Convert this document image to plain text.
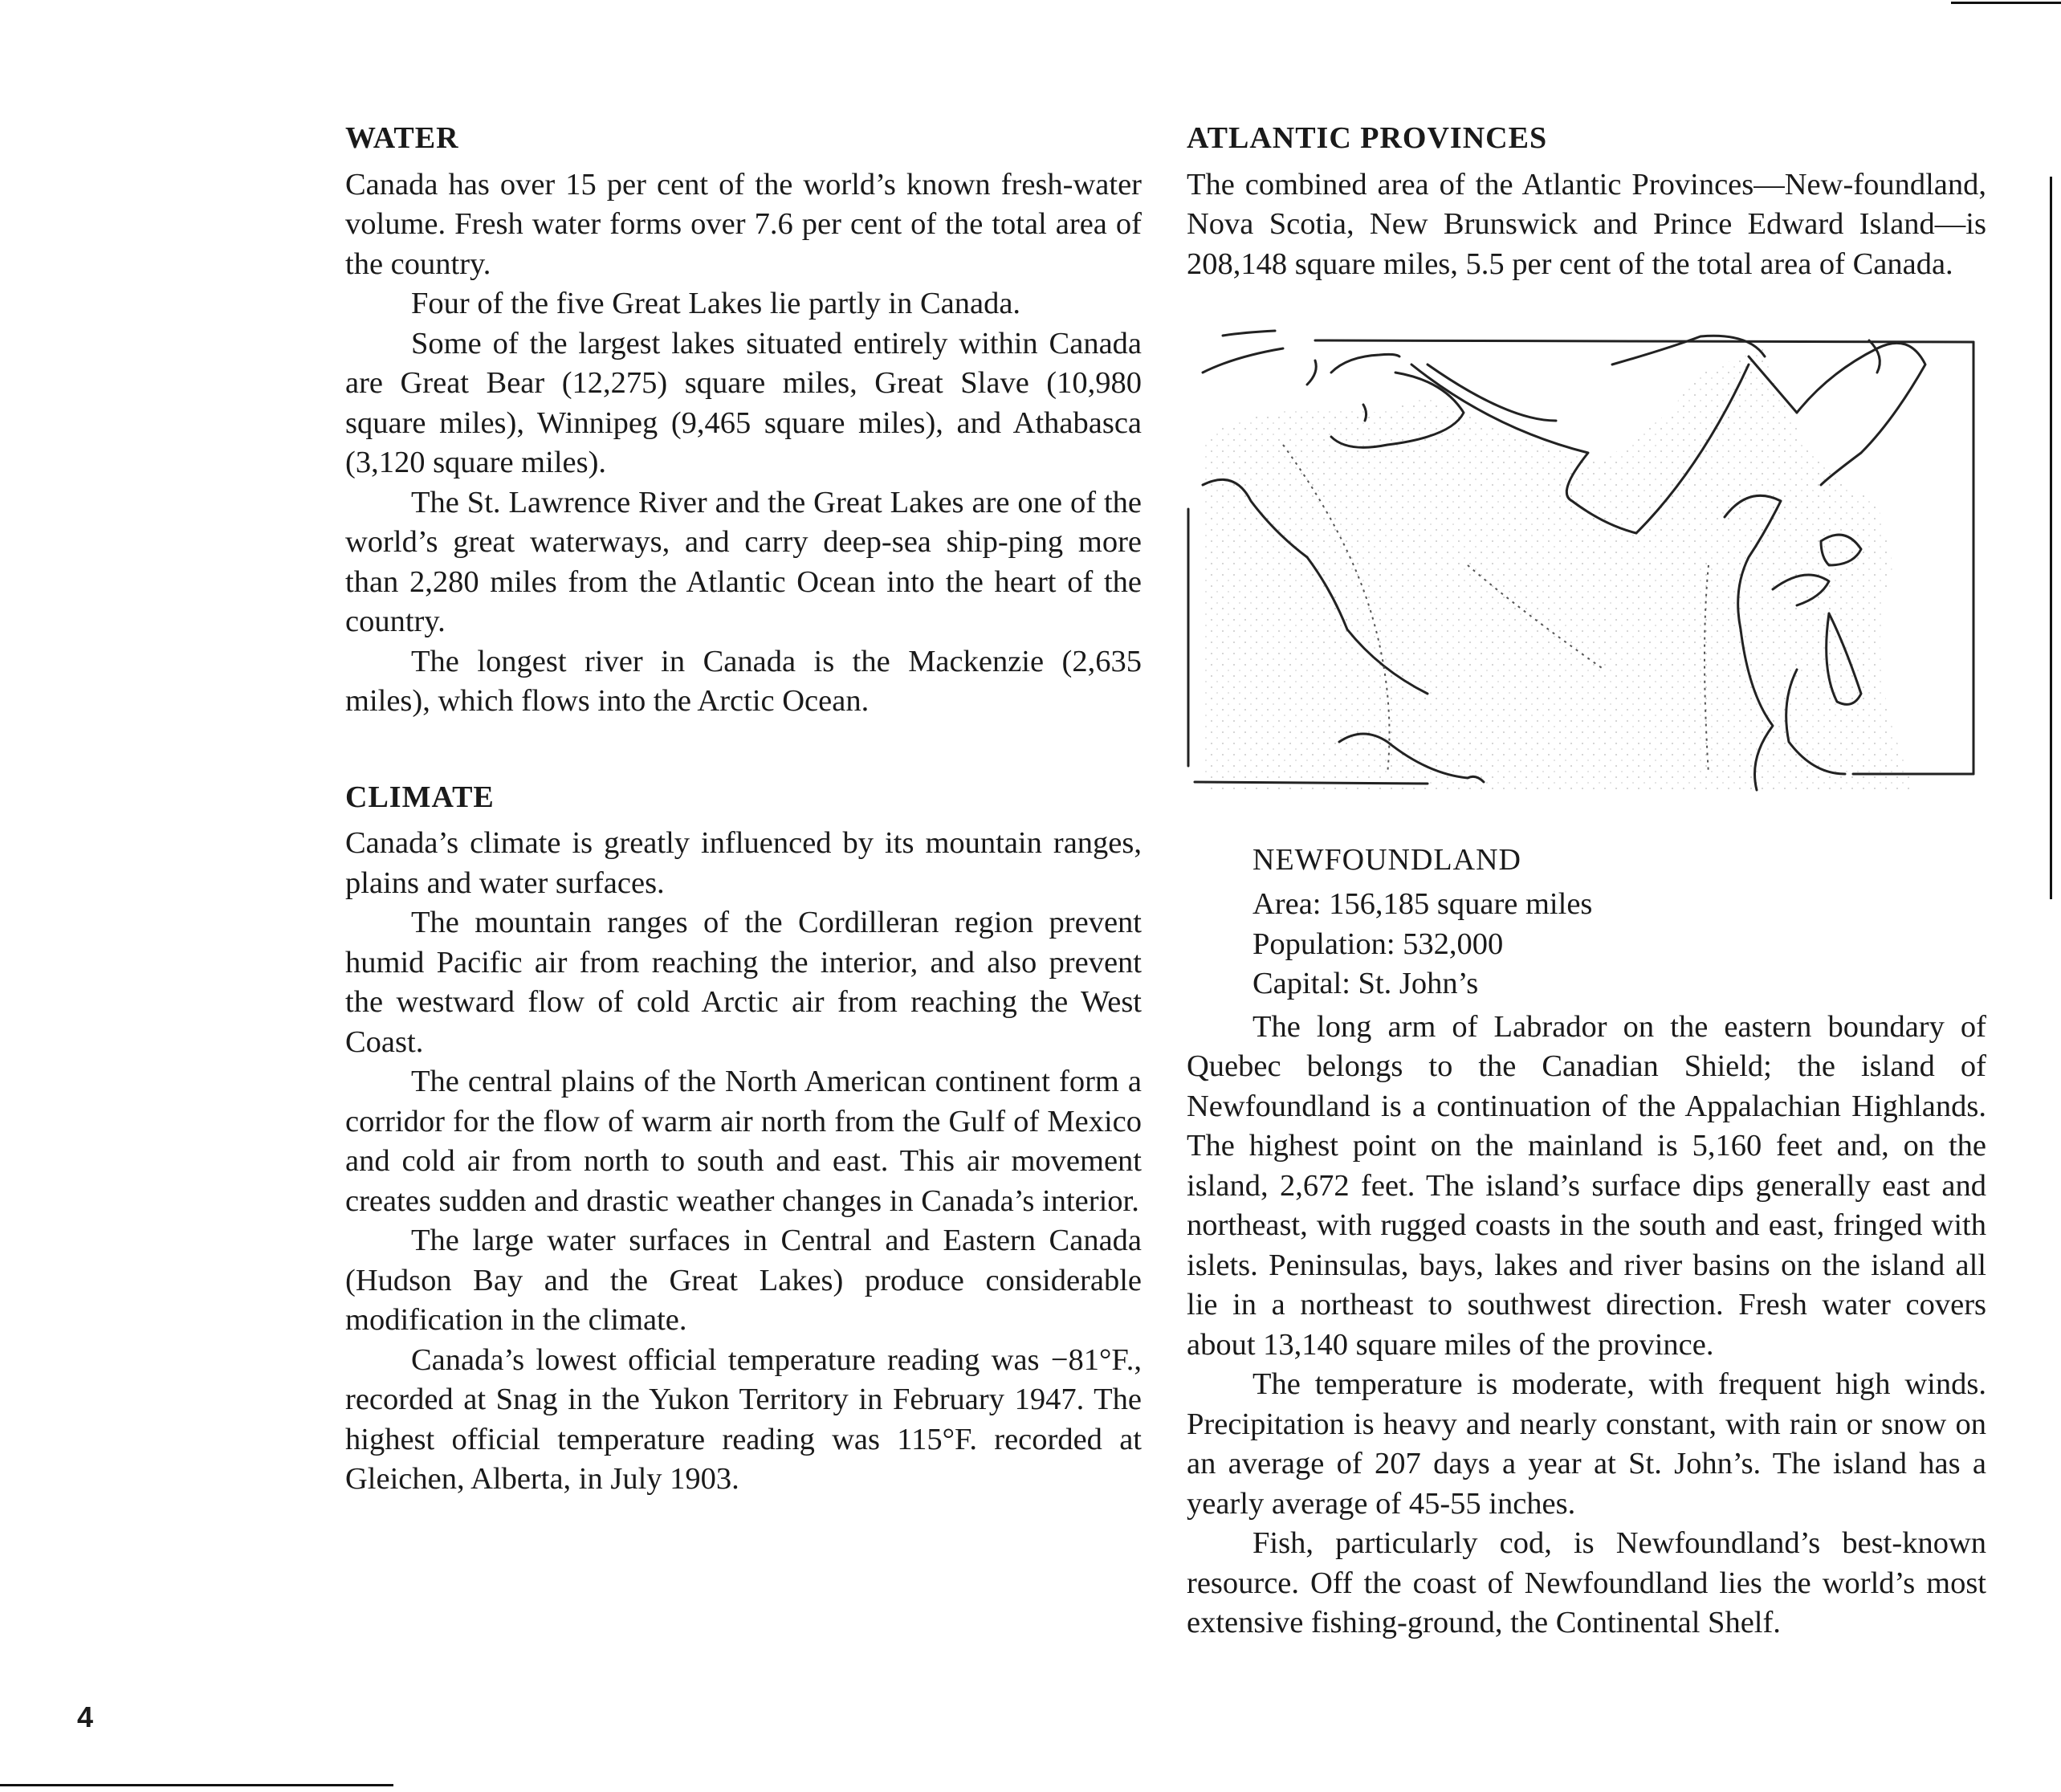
WATER

Canada has over 15 per cent of the world’s known fresh-water volume. Fresh water forms over 7.6 per cent of the total area of the country.

Four of the five Great Lakes lie partly in Canada.

Some of the largest lakes situated entirely within Canada are Great Bear (12,275) square miles, Great Slave (10,980 square miles), Winnipeg (9,465 square miles), and Athabasca (3,120 square miles).

The St. Lawrence River and the Great Lakes are one of the world’s great waterways, and carry deep-sea ship-ping more than 2,280 miles from the Atlantic Ocean into the heart of the country.

The longest river in Canada is the Mackenzie (2,635 miles), which flows into the Arctic Ocean.

CLIMATE

Canada’s climate is greatly influenced by its mountain ranges, plains and water surfaces.

The mountain ranges of the Cordilleran region prevent humid Pacific air from reaching the interior, and also prevent the westward flow of cold Arctic air from reaching the West Coast.

The central plains of the North American continent form a corridor for the flow of warm air north from the Gulf of Mexico and cold air from north to south and east. This air movement creates sudden and drastic weather changes in Canada’s interior.

The large water surfaces in Central and Eastern Canada (Hudson Bay and the Great Lakes) produce considerable modification in the climate.

Canada’s lowest official temperature reading was −81°F., recorded at Snag in the Yukon Territory in February 1947. The highest official temperature reading was 115°F. recorded at Gleichen, Alberta, in July 1903.

ATLANTIC PROVINCES

The combined area of the Atlantic Provinces—New-foundland, Nova Scotia, New Brunswick and Prince Edward Island—is 208,148 square miles, 5.5 per cent of the total area of Canada.

NEWFOUNDLAND
Area: 156,185 square miles
Population: 532,000
Capital: St. John’s

The long arm of Labrador on the eastern boundary of Quebec belongs to the Canadian Shield; the island of Newfoundland is a continuation of the Appalachian Highlands. The highest point on the mainland is 5,160 feet and, on the island, 2,672 feet. The island’s surface dips generally east and northeast, with rugged coasts in the south and east, fringed with islets. Peninsulas, bays, lakes and river basins on the island all lie in a northeast to southwest direction. Fresh water covers about 13,140 square miles of the province.

The temperature is moderate, with frequent high winds. Precipitation is heavy and nearly constant, with rain or snow on an average of 207 days a year at St. John’s. The island has a yearly average of 45-55 inches.

Fish, particularly cod, is Newfoundland’s best-known resource. Off the coast of Newfoundland lies the world’s most extensive fishing-ground, the Continental Shelf.

4
